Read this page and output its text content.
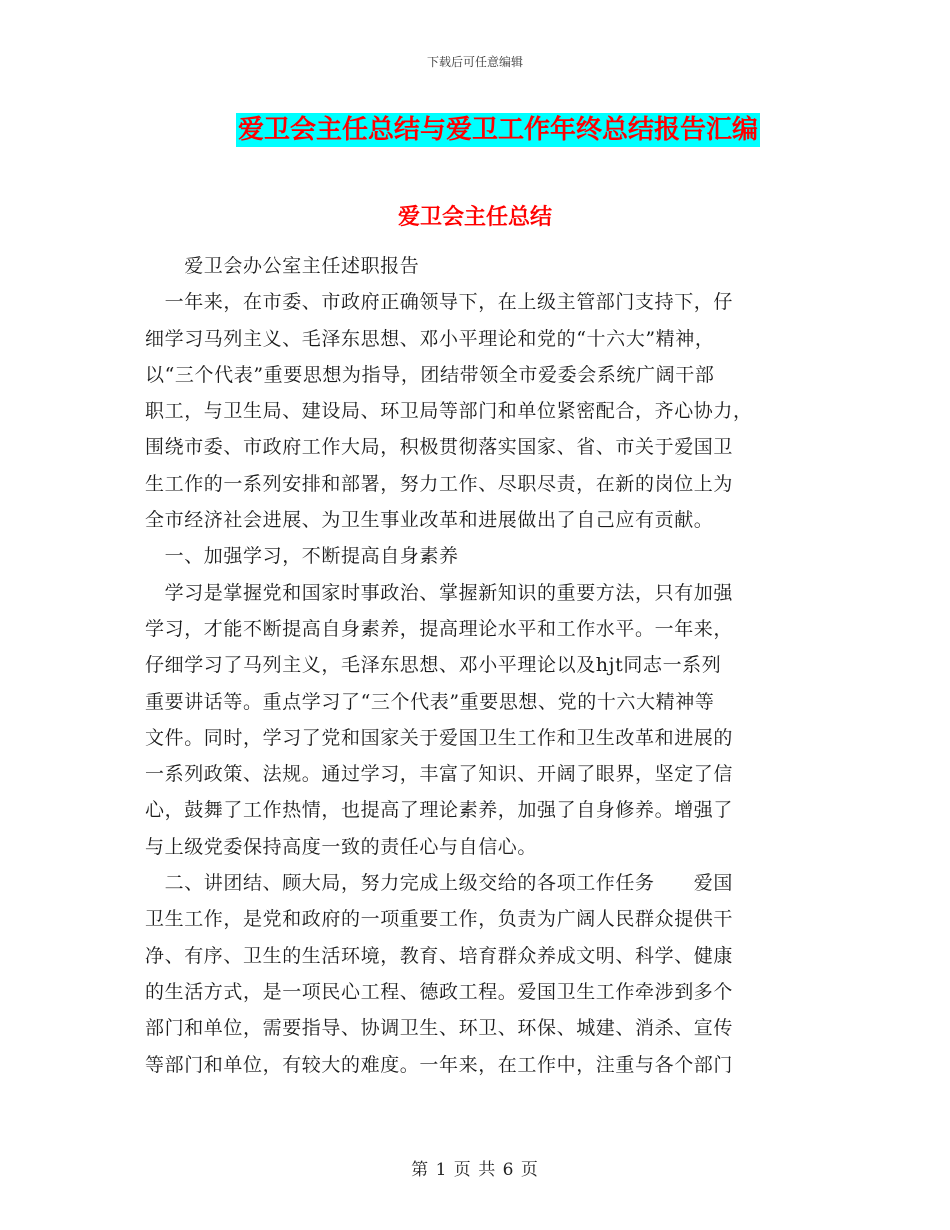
下载后可任意编辑
爱卫会主任总结与爱卫工作年终总结报告汇编
爱卫会主任总结
　　爱卫会办公室主任述职报告
　一年来，在市委、市政府正确领导下，在上级主管部门支持下，仔
细学习马列主义、毛泽东思想、邓小平理论和党的“十六大”精神，
以“三个代表”重要思想为指导，团结带领全市爱委会系统广阔干部
职工，与卫生局、建设局、环卫局等部门和单位紧密配合，齐心协力，
围绕市委、市政府工作大局，积极贯彻落实国家、省、市关于爱国卫
生工作的一系列安排和部署，努力工作、尽职尽责，在新的岗位上为
全市经济社会进展、为卫生事业改革和进展做出了自己应有贡献。
　一、加强学习，不断提高自身素养
　学习是掌握党和国家时事政治、掌握新知识的重要方法，只有加强
学习，才能不断提高自身素养，提高理论水平和工作水平。一年来，
仔细学习了马列主义，毛泽东思想、邓小平理论以及hjt同志一系列
重要讲话等。重点学习了“三个代表”重要思想、党的十六大精神等
文件。同时，学习了党和国家关于爱国卫生工作和卫生改革和进展的
一系列政策、法规。通过学习，丰富了知识、开阔了眼界，坚定了信
心，鼓舞了工作热情，也提高了理论素养，加强了自身修养。增强了
与上级党委保持高度一致的责任心与自信心。
　二、讲团结、顾大局，努力完成上级交给的各项工作任务　　爱国
卫生工作，是党和政府的一项重要工作，负责为广阔人民群众提供干
净、有序、卫生的生活环境，教育、培育群众养成文明、科学、健康
的生活方式，是一项民心工程、德政工程。爱国卫生工作牵涉到多个
部门和单位，需要指导、协调卫生、环卫、环保、城建、消杀、宣传
等部门和单位，有较大的难度。一年来，在工作中，注重与各个部门
第 1 页 共 6 页
